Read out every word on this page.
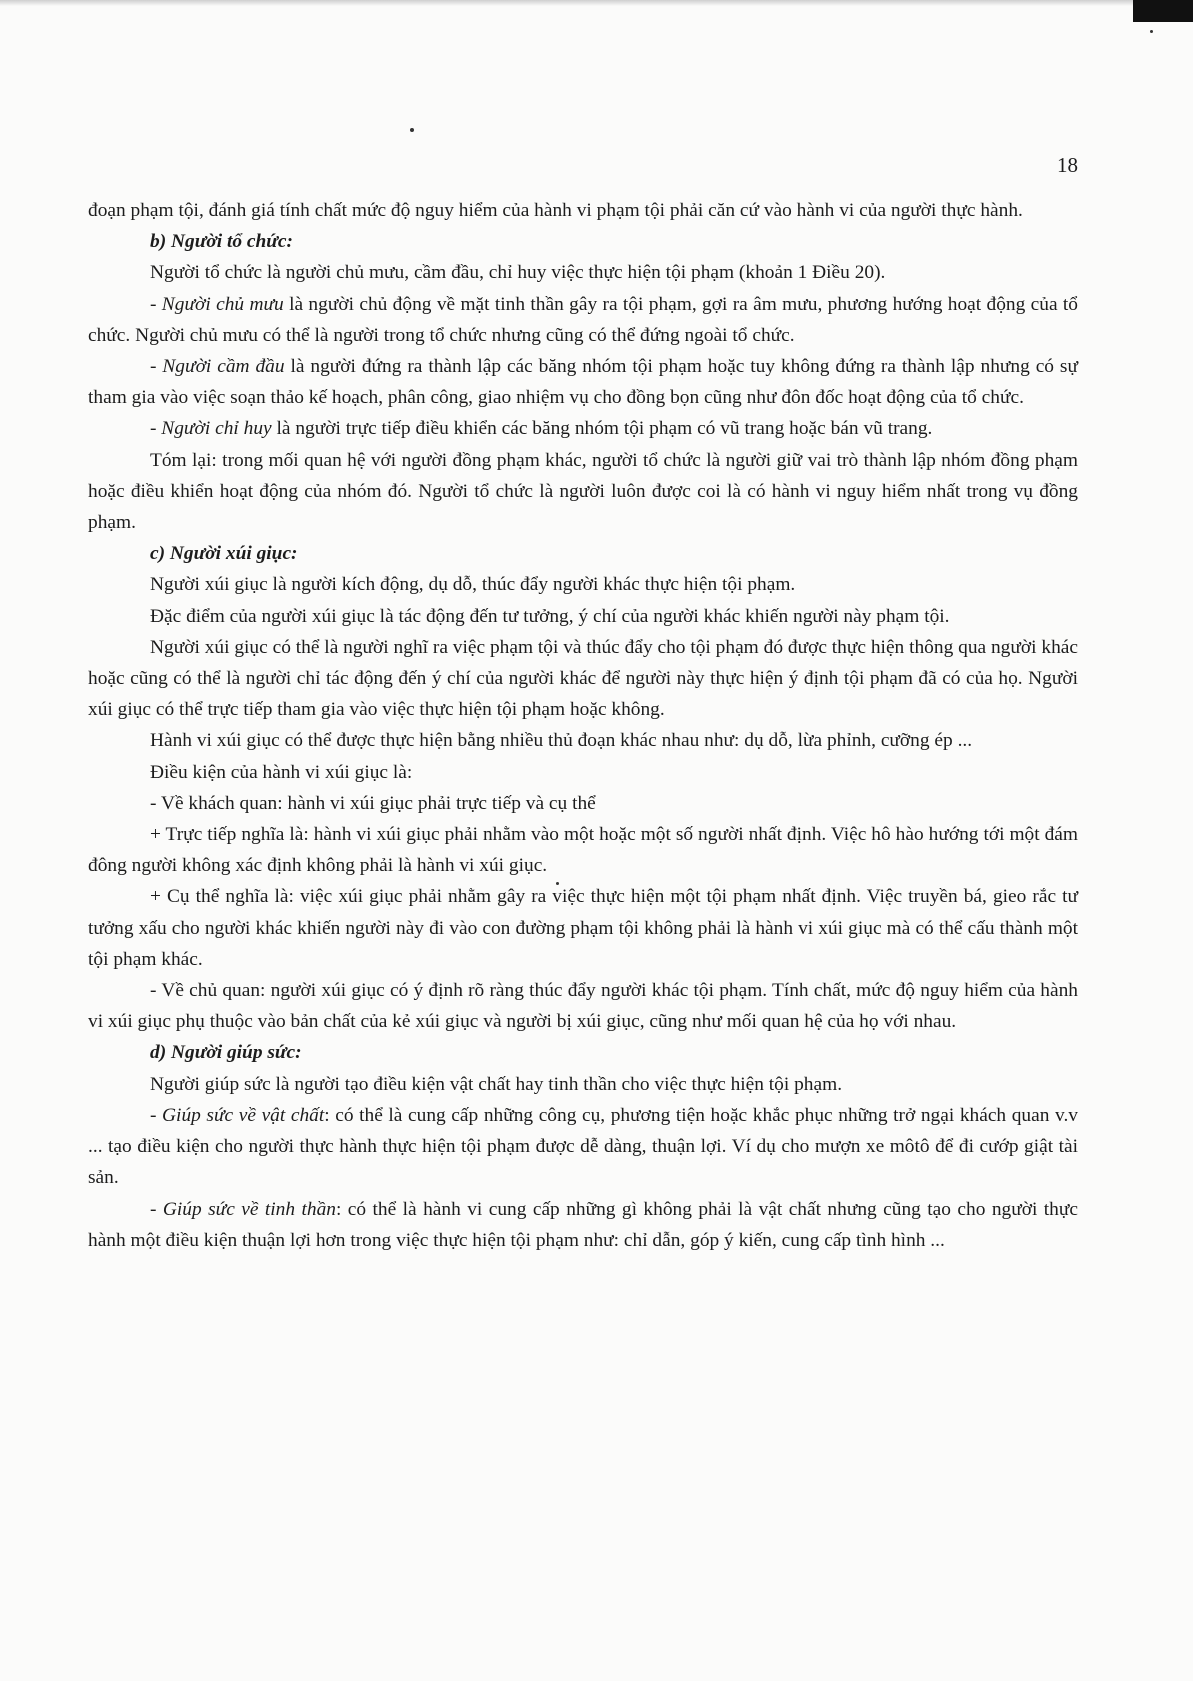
18

đoạn phạm tội, đánh giá tính chất mức độ nguy hiểm của hành vi phạm tội phải căn cứ vào hành vi của người thực hành.

b) Người tổ chức:

Người tổ chức là người chủ mưu, cầm đầu, chỉ huy việc thực hiện tội phạm (khoản 1 Điều 20).

- Người chủ mưu là người chủ động về mặt tinh thần gây ra tội phạm, gợi ra âm mưu, phương hướng hoạt động của tổ chức. Người chủ mưu có thể là người trong tổ chức nhưng cũng có thể đứng ngoài tổ chức.

- Người cầm đầu là người đứng ra thành lập các băng nhóm tội phạm hoặc tuy không đứng ra thành lập nhưng có sự tham gia vào việc soạn thảo kế hoạch, phân công, giao nhiệm vụ cho đồng bọn cũng như đôn đốc hoạt động của tổ chức.

- Người chỉ huy là người trực tiếp điều khiển các băng nhóm tội phạm có vũ trang hoặc bán vũ trang.

Tóm lại: trong mối quan hệ với người đồng phạm khác, người tổ chức là người giữ vai trò thành lập nhóm đồng phạm hoặc điều khiển hoạt động của nhóm đó. Người tổ chức là người luôn được coi là có hành vi nguy hiểm nhất trong vụ đồng phạm.

c) Người xúi giục:

Người xúi giục là người kích động, dụ dỗ, thúc đẩy người khác thực hiện tội phạm.

Đặc điểm của người xúi giục là tác động đến tư tưởng, ý chí của người khác khiến người này phạm tội.

Người xúi giục có thể là người nghĩ ra việc phạm tội và thúc đẩy cho tội phạm đó được thực hiện thông qua người khác hoặc cũng có thể là người chỉ tác động đến ý chí của người khác để người này thực hiện ý định tội phạm đã có của họ. Người xúi giục có thể trực tiếp tham gia vào việc thực hiện tội phạm hoặc không.

Hành vi xúi giục có thể được thực hiện bằng nhiều thủ đoạn khác nhau như: dụ dỗ, lừa phỉnh, cưỡng ép ...

Điều kiện của hành vi xúi giục là:

- Về khách quan: hành vi xúi giục phải trực tiếp và cụ thể

+ Trực tiếp nghĩa là: hành vi xúi giục phải nhằm vào một hoặc một số người nhất định. Việc hô hào hướng tới một đám đông người không xác định không phải là hành vi xúi giục.

+ Cụ thể nghĩa là: việc xúi giục phải nhằm gây ra việc thực hiện một tội phạm nhất định. Việc truyền bá, gieo rắc tư tưởng xấu cho người khác khiến người này đi vào con đường phạm tội không phải là hành vi xúi giục mà có thể cấu thành một tội phạm khác.

- Về chủ quan: người xúi giục có ý định rõ ràng thúc đẩy người khác tội phạm. Tính chất, mức độ nguy hiểm của hành vi xúi giục phụ thuộc vào bản chất của kẻ xúi giục và người bị xúi giục, cũng như mối quan hệ của họ với nhau.

d) Người giúp sức:

Người giúp sức là người tạo điều kiện vật chất hay tinh thần cho việc thực hiện tội phạm.

- Giúp sức về vật chất: có thể là cung cấp những công cụ, phương tiện hoặc khắc phục những trở ngại khách quan v.v ... tạo điều kiện cho người thực hành thực hiện tội phạm được dễ dàng, thuận lợi. Ví dụ cho mượn xe môtô để đi cướp giật tài sản.

- Giúp sức về tinh thần: có thể là hành vi cung cấp những gì không phải là vật chất nhưng cũng tạo cho người thực hành một điều kiện thuận lợi hơn trong việc thực hiện tội phạm như: chỉ dẫn, góp ý kiến, cung cấp tình hình ...
